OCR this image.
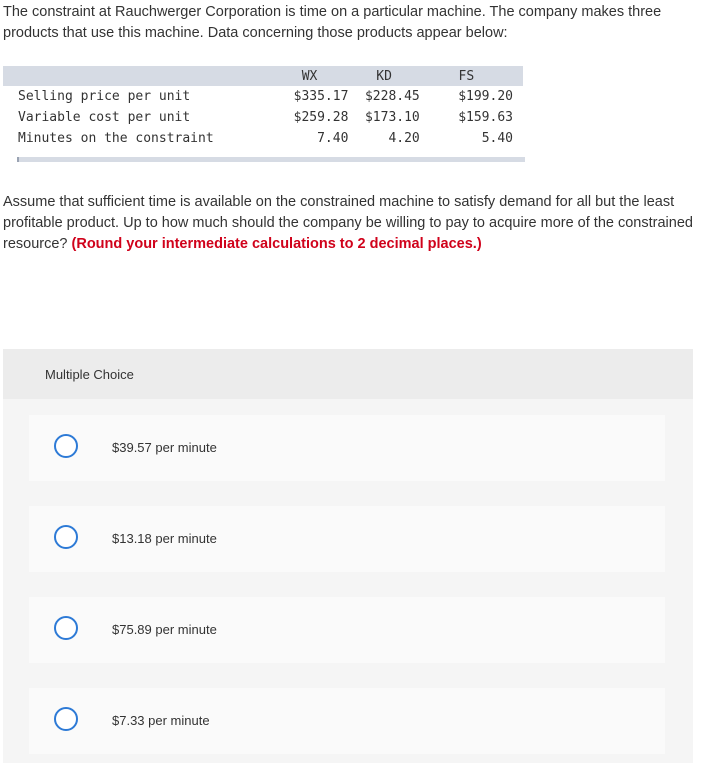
The constraint at Rauchwerger Corporation is time on a particular machine. The company makes three products that use this machine. Data concerning those products appear below:
	WX	KD	FS
Selling price per unit	$335.17	$228.45	$199.20
Variable cost per unit	$259.28	$173.10	$159.63
Minutes on the constraint	7.40	4.20	5.40
Assume that sufficient time is available on the constrained machine to satisfy demand for all but the least profitable product. Up to how much should the company be willing to pay to acquire more of the constrained resource? (Round your intermediate calculations to 2 decimal places.)
Multiple Choice
$39.57 per minute
$13.18 per minute
$75.89 per minute
$7.33 per minute
